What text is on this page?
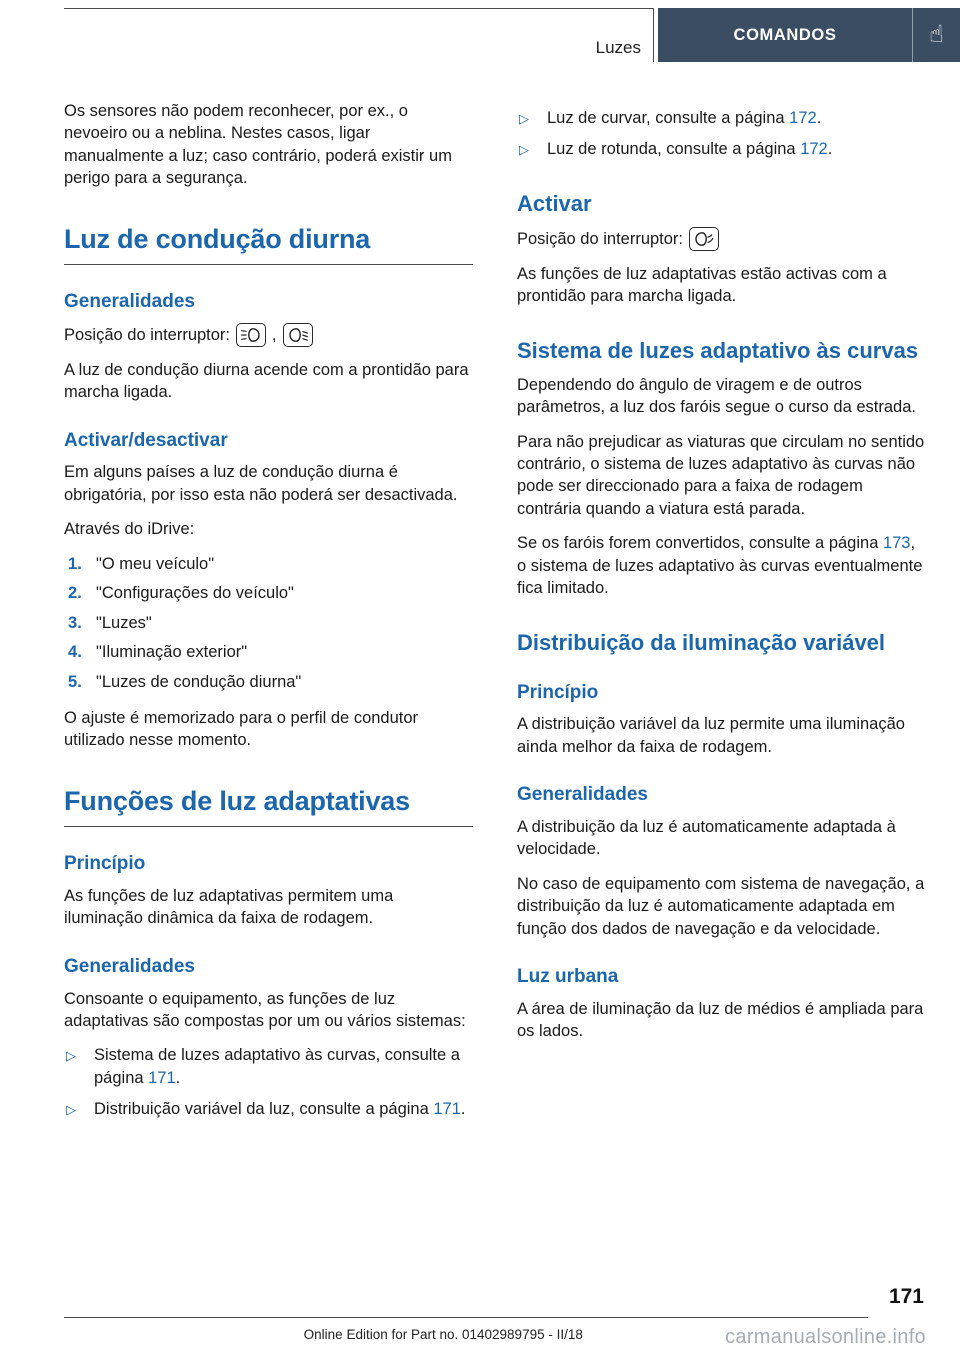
Luzes
COMANDOS	☝

Os sensores não podem reconhecer, por ex., o nevoeiro ou a neblina. Nestes casos, ligar manualmente a luz; caso contrário, poderá existir um perigo para a segurança.

Luz de condução diurna
Generalidades

Posição do interruptor:	,

A luz de condução diurna acende com a prontidão para marcha ligada.

Activar/desactivar

Em alguns países a luz de condução diurna é obrigatória, por isso esta não poderá ser desactivada.

Através do iDrive:

"O meu veículo"
"Configurações do veículo"
"Luzes"
"Iluminação exterior"
"Luzes de condução diurna"

O ajuste é memorizado para o perfil de condutor utilizado nesse momento.

Funções de luz adaptativas
Princípio

As funções de luz adaptativas permitem uma iluminação dinâmica da faixa de rodagem.

Generalidades

Consoante o equipamento, as funções de luz adaptativas são compostas por um ou vários sistemas:

▷ Sistema de luzes adaptativo às curvas, consulte a página 171.
▷ Distribuição variável da luz, consulte a página 171.
▷ Luz de curvar, consulte a página 172.
▷ Luz de rotunda, consulte a página 172.
Activar

Posição do interruptor:

As funções de luz adaptativas estão activas com a prontidão para marcha ligada.

Sistema de luzes adaptativo às curvas

Dependendo do ângulo de viragem e de outros parâmetros, a luz dos faróis segue o curso da estrada.

Para não prejudicar as viaturas que circulam no sentido contrário, o sistema de luzes adaptativo às curvas não pode ser direccionado para a faixa de rodagem contrária quando a viatura está parada.

Se os faróis forem convertidos, consulte a página 173, o sistema de luzes adaptativo às curvas eventualmente fica limitado.

Distribuição da iluminação variável
Princípio

A distribuição variável da luz permite uma iluminação ainda melhor da faixa de rodagem.

Generalidades

A distribuição da luz é automaticamente adaptada à velocidade.

No caso de equipamento com sistema de navegação, a distribuição da luz é automaticamente adaptada em função dos dados de navegação e da velocidade.

Luz urbana

A área de iluminação da luz de médios é ampliada para os lados.

171
Online Edition for Part no. 01402989795 - II/18	carmanualsonline.info
